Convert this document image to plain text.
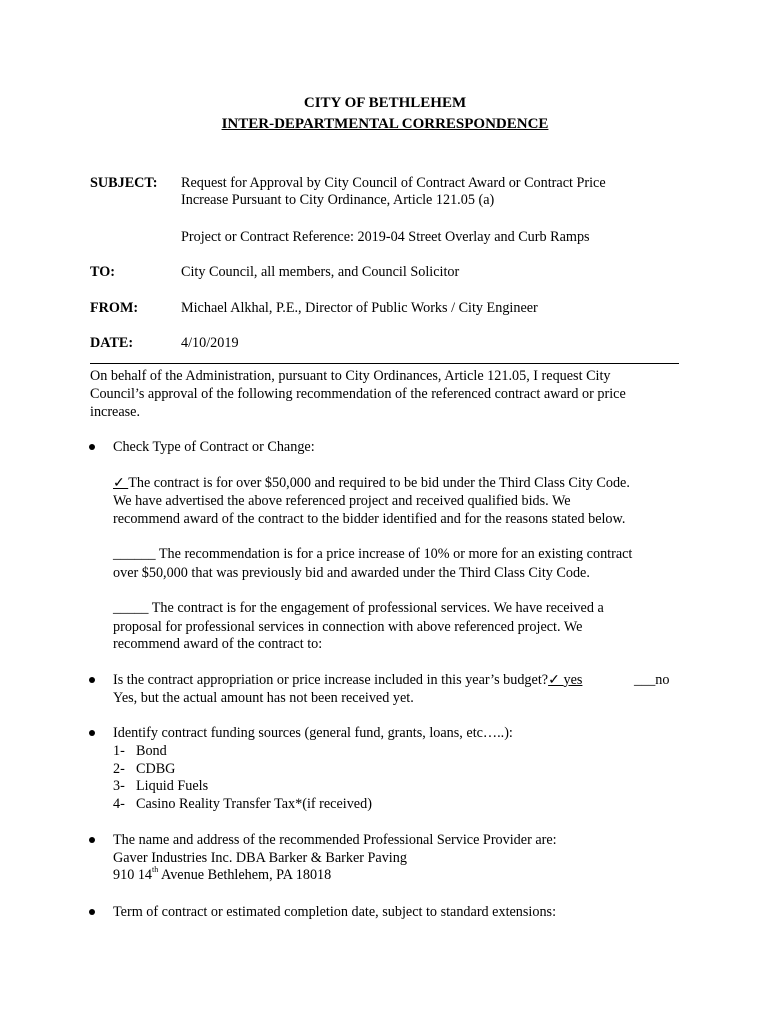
CITY OF BETHLEHEM
INTER-DEPARTMENTAL CORRESPONDENCE
SUBJECT: Request for Approval by City Council of Contract Award or Contract Price
Increase Pursuant to City Ordinance, Article 121.05 (a)
Project or Contract Reference: 2019-04 Street Overlay and Curb Ramps
TO:	City Council, all members, and Council Solicitor
FROM:	Michael Alkhal, P.E., Director of Public Works / City Engineer
DATE:	4/10/2019
On behalf of the Administration, pursuant to City Ordinances, Article 121.05, I request City
Council’s approval of the following recommendation of the referenced contract award or price
increase.
Check Type of Contract or Change:
✓ The contract is for over $50,000 and required to be bid under the Third Class City Code.
We have advertised the above referenced project and received qualified bids. We
recommend award of the contract to the bidder identified and for the reasons stated below.
______ The recommendation is for a price increase of 10% or more for an existing contract
over $50,000 that was previously bid and awarded under the Third Class City Code.
_____ The contract is for the engagement of professional services. We have received a
proposal for professional services in connection with above referenced project. We
recommend award of the contract to:
Is the contract appropriation or price increase included in this year’s budget?✓ yes	___no
Yes, but the actual amount has not been received yet.
Identify contract funding sources (general fund, grants, loans, etc…..):
1- Bond
2- CDBG
3- Liquid Fuels
4- Casino Reality Transfer Tax*(if received)
The name and address of the recommended Professional Service Provider are:
Gaver Industries Inc. DBA Barker & Barker Paving
910 14th Avenue Bethlehem, PA 18018
Term of contract or estimated completion date, subject to standard extensions:
